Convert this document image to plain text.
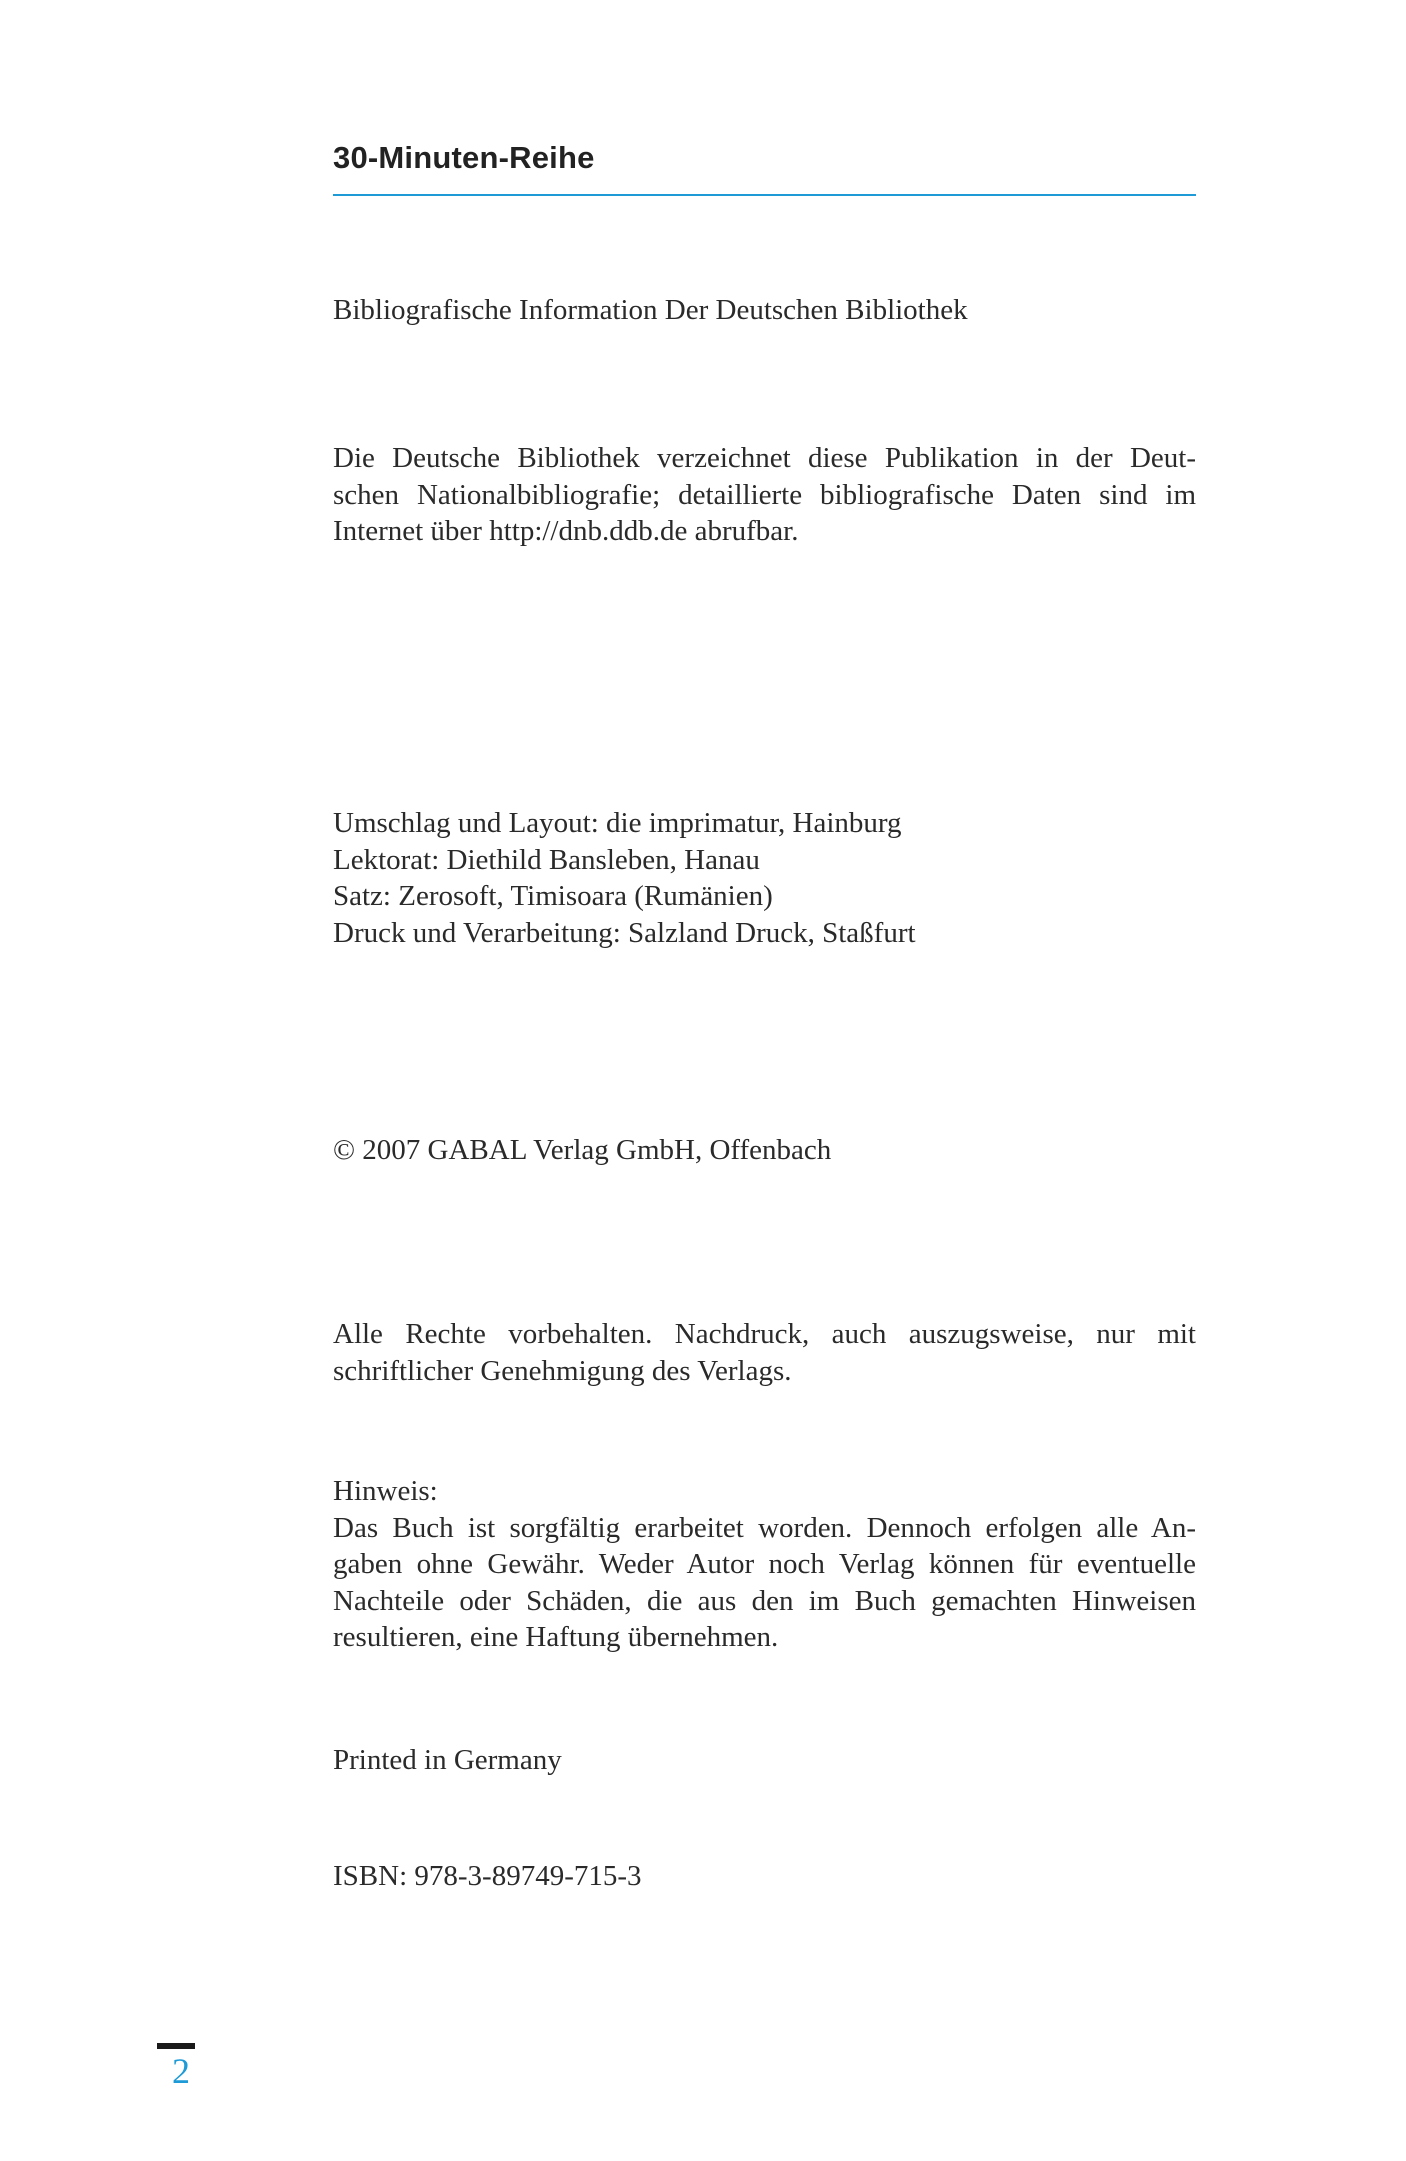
30-Minuten-Reihe
Bibliografische Information Der Deutschen Bibliothek
Die Deutsche Bibliothek verzeichnet diese Publikation in der Deut-
schen Nationalbibliografie; detaillierte bibliografische Daten sind im
Internet über http://dnb.ddb.de abrufbar.
Umschlag und Layout: die imprimatur, Hainburg
Lektorat: Diethild Bansleben, Hanau
Satz: Zerosoft, Timisoara (Rumänien)
Druck und Verarbeitung: Salzland Druck, Staßfurt
© 2007 GABAL Verlag GmbH, Offenbach
Alle Rechte vorbehalten. Nachdruck, auch auszugsweise, nur mit
schriftlicher Genehmigung des Verlags.
Hinweis:
Das Buch ist sorgfältig erarbeitet worden. Dennoch erfolgen alle An-
gaben ohne Gewähr. Weder Autor noch Verlag können für eventuelle
Nachteile oder Schäden, die aus den im Buch gemachten Hinweisen
resultieren, eine Haftung übernehmen.
Printed in Germany
ISBN: 978-3-89749-715-3
2
